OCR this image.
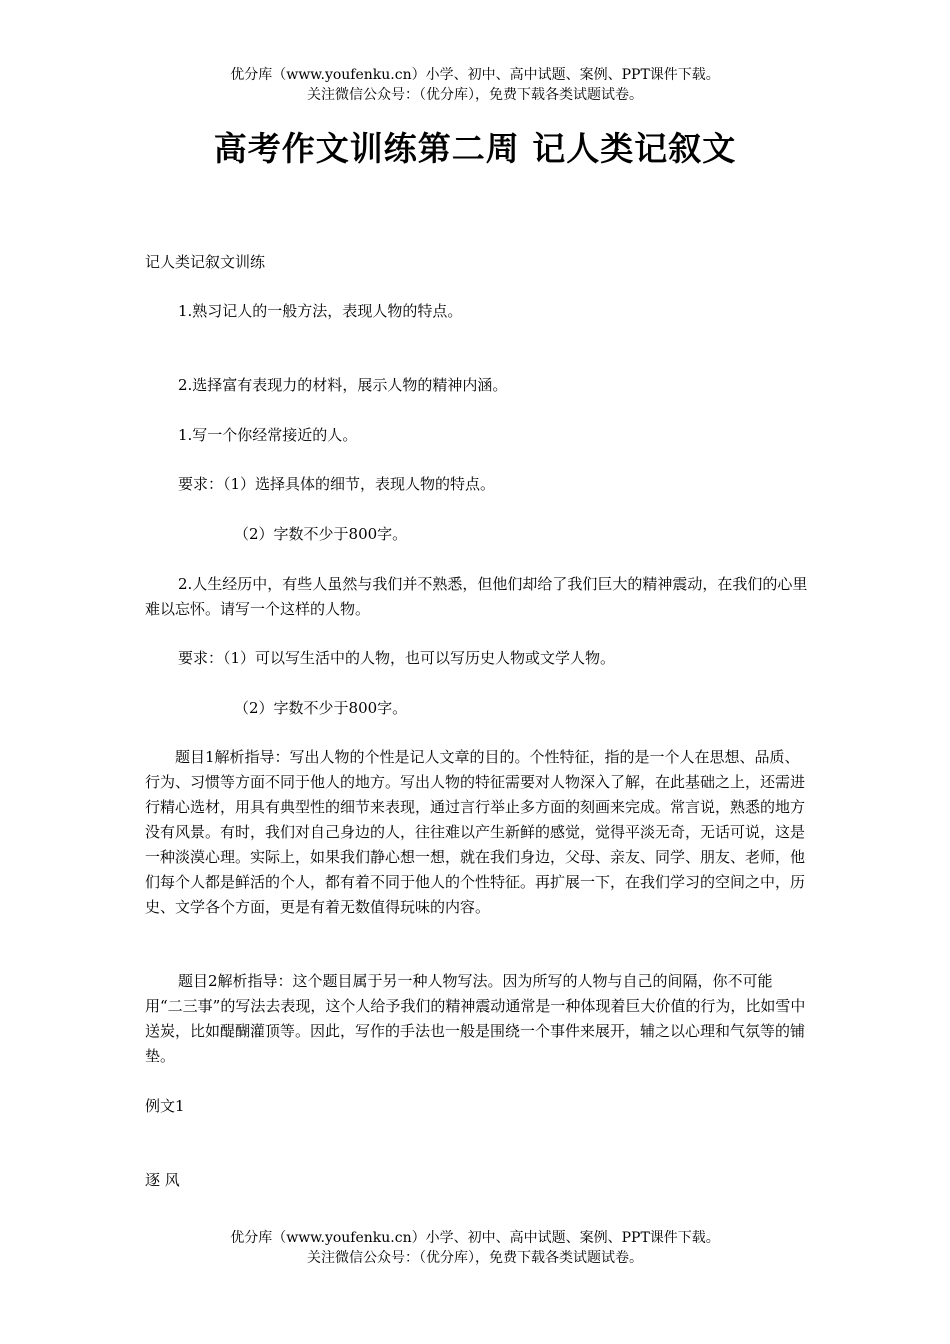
优分库（www.youfenku.cn）小学、初中、高中试题、案例、PPT课件下载。
关注微信公众号：（优分库），免费下载各类试题试卷。
高考作文训练第二周 记人类记叙文

记人类记叙文训练

1.熟习记人的一般方法，表现人物的特点。

2.选择富有表现力的材料，展示人物的精神内涵。

1.写一个你经常接近的人。

要求：（1）选择具体的细节，表现人物的特点。

（2）字数不少于800字。

2.人生经历中，有些人虽然与我们并不熟悉，但他们却给了我们巨大的精神震动，在我们的心里难以忘怀。请写一个这样的人物。

要求：（1）可以写生活中的人物，也可以写历史人物或文学人物。

（2）字数不少于800字。

题目1解析指导：写出人物的个性是记人文章的目的。个性特征，指的是一个人在思想、品质、行为、习惯等方面不同于他人的地方。写出人物的特征需要对人物深入了解，在此基础之上，还需进行精心选材，用具有典型性的细节来表现，通过言行举止多方面的刻画来完成。常言说，熟悉的地方没有风景。有时，我们对自己身边的人，往往难以产生新鲜的感觉，觉得平淡无奇，无话可说，这是一种淡漠心理。实际上，如果我们静心想一想，就在我们身边，父母、亲友、同学、朋友、老师，他们每个人都是鲜活的个人，都有着不同于他人的个性特征。再扩展一下，在我们学习的空间之中，历史、文学各个方面，更是有着无数值得玩味的内容。

题目2解析指导：这个题目属于另一种人物写法。因为所写的人物与自己的间隔，你不可能用“二三事”的写法去表现，这个人给予我们的精神震动通常是一种体现着巨大价值的行为，比如雪中送炭，比如醍醐灌顶等。因此，写作的手法也一般是围绕一个事件来展开，辅之以心理和气氛等的铺垫。

例文1

逐 风

优分库（www.youfenku.cn）小学、初中、高中试题、案例、PPT课件下载。
关注微信公众号：（优分库），免费下载各类试题试卷。
